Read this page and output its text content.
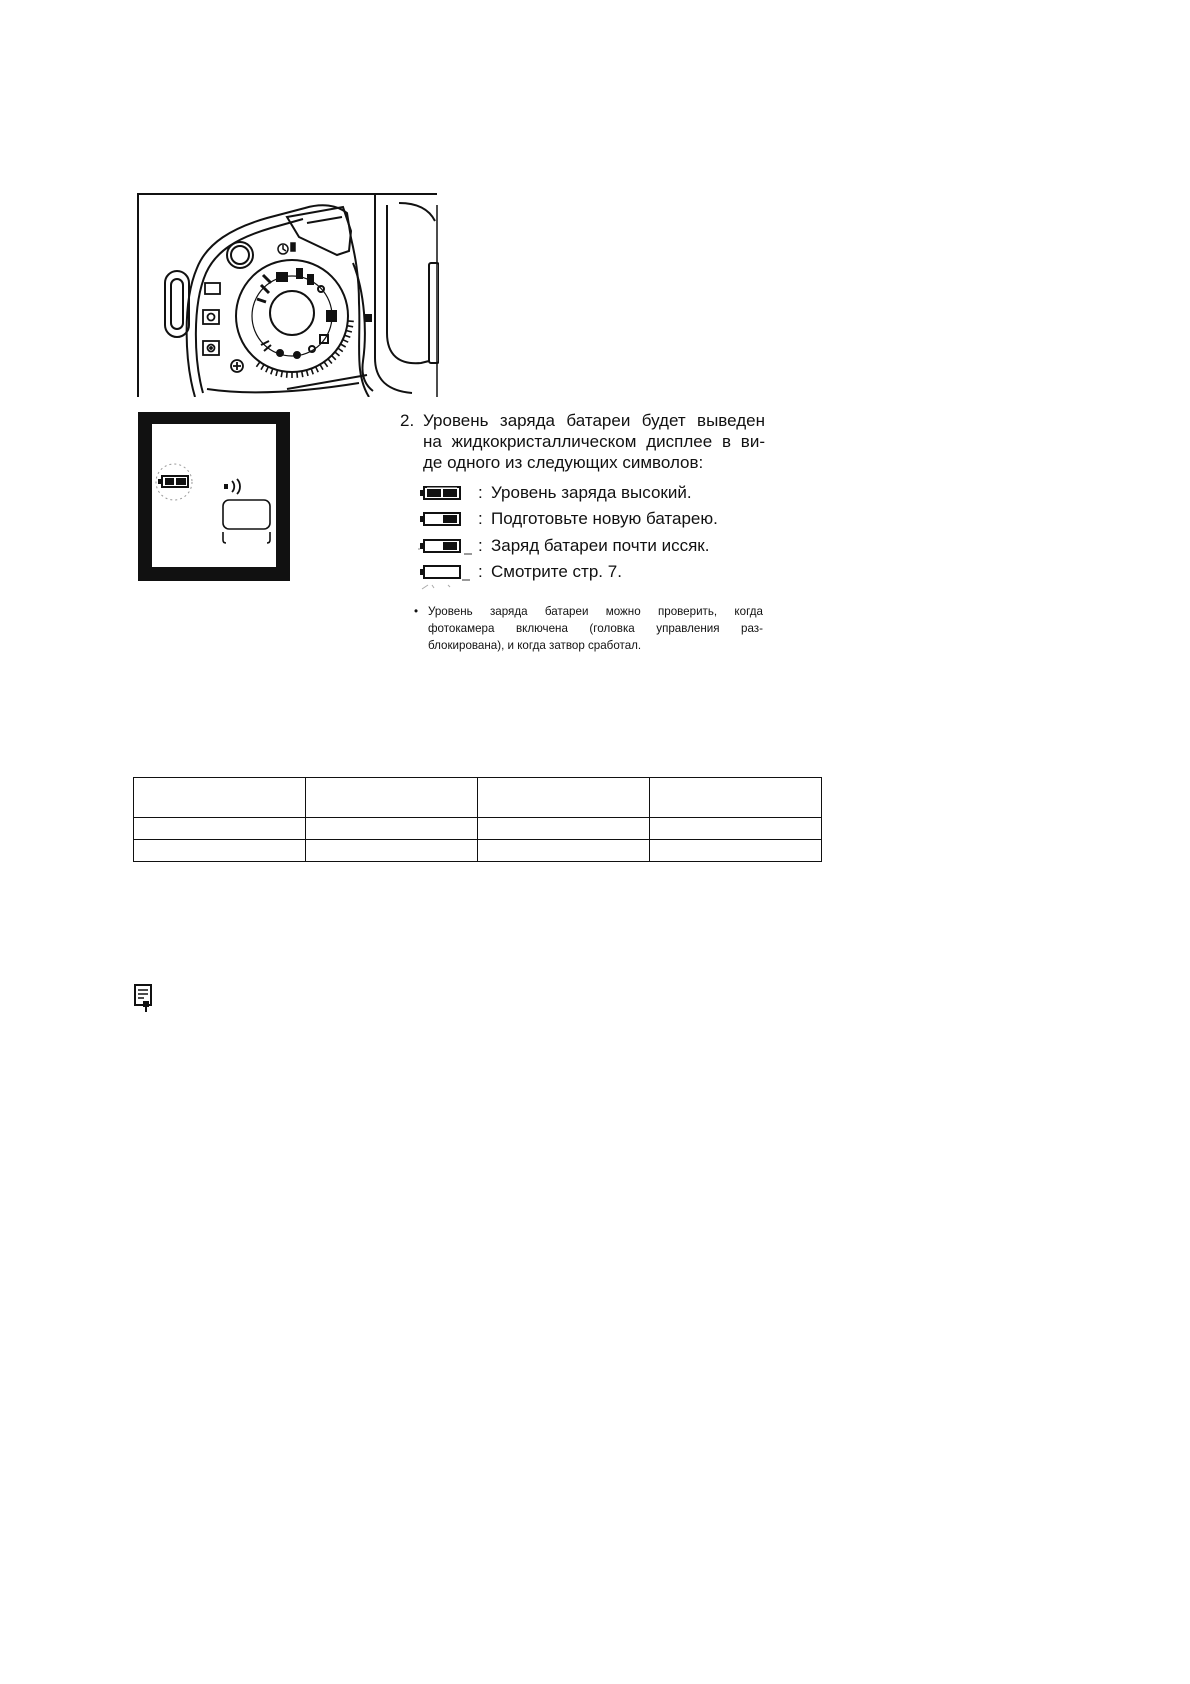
2. Уровень заряда батареи будет выведен
на жидкокристаллическом дисплее в ви-
де одного из следующих символов:
: Уровень заряда высокий.
: Подготовьте новую батарею.
: Заряд батареи почти иссяк.
: Смотрите стр. 7.
• Уровень заряда батареи можно проверить, когда
фотокамера включена (головка управления раз-
блокирована), и когда затвор сработал.
